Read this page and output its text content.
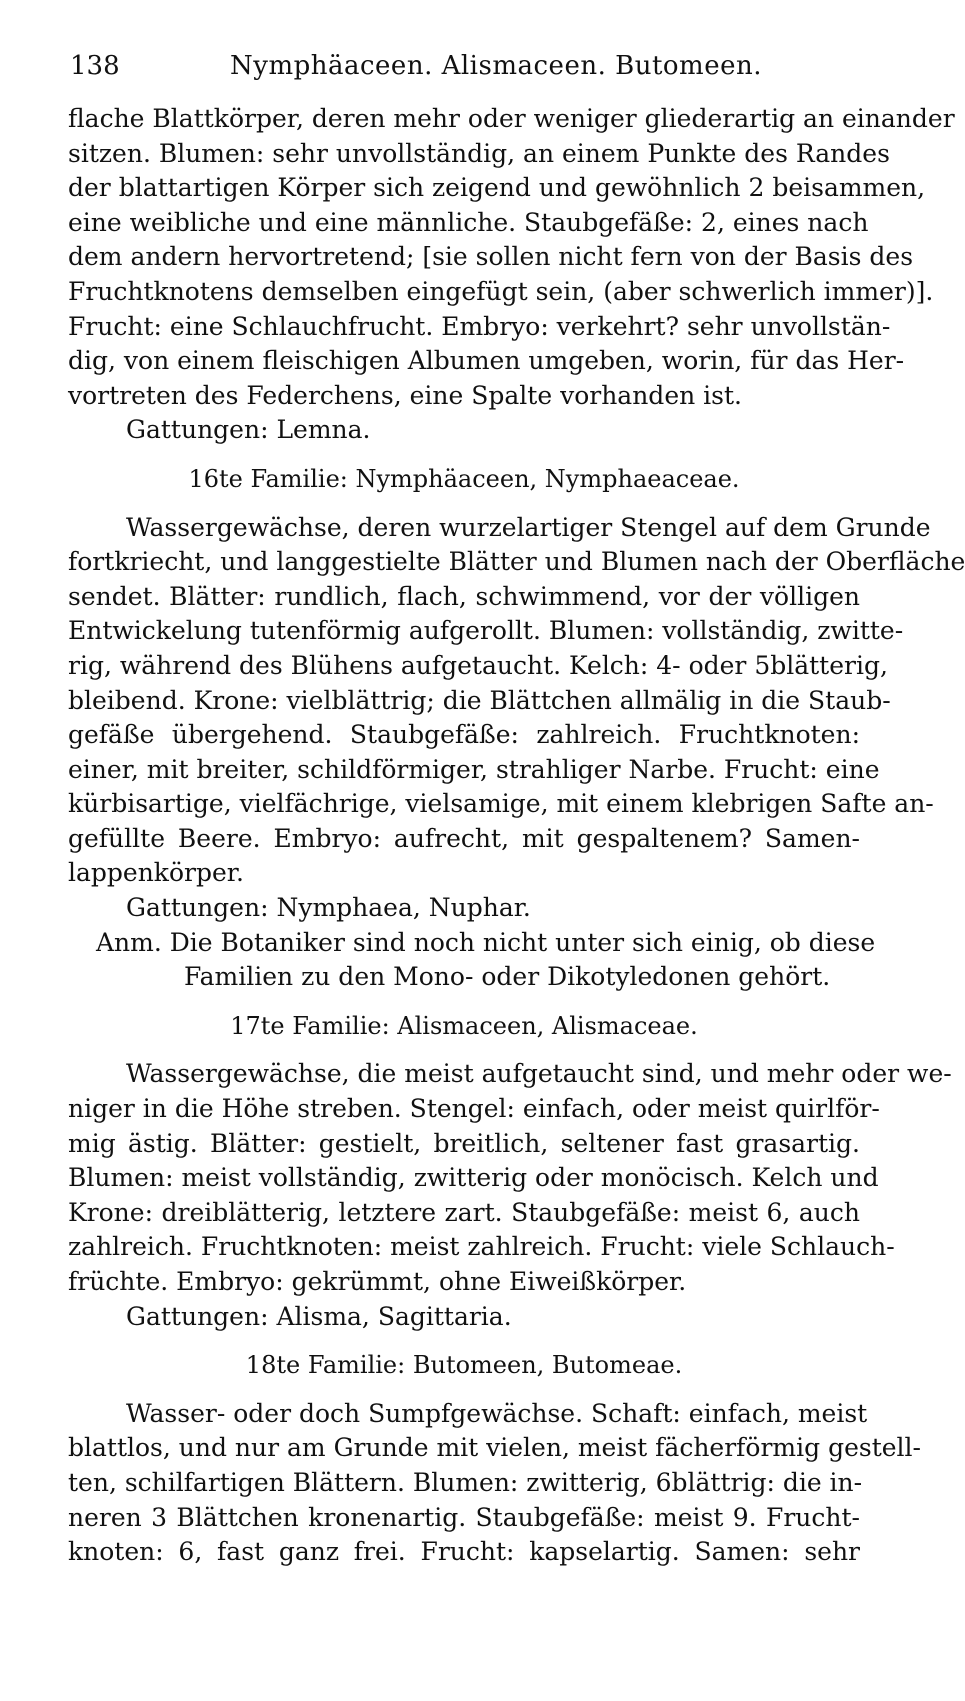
138	Nymphäaceen. Alismaceen. Butomeen.
flache Blattkörper, deren mehr oder weniger gliederartig an einander
sitzen. Blumen: sehr unvollständig, an einem Punkte des Randes
der blattartigen Körper sich zeigend und gewöhnlich 2 beisammen,
eine weibliche und eine männliche. Staubgefäße: 2, eines nach
dem andern hervortretend; [sie sollen nicht fern von der Basis des
Fruchtknotens demselben eingefügt sein, (aber schwerlich immer)].
Frucht: eine Schlauchfrucht. Embryo: verkehrt? sehr unvollstän-
dig, von einem fleischigen Albumen umgeben, worin, für das Her-
vortreten des Federchens, eine Spalte vorhanden ist.
Gattungen: Lemna.
16te Familie: Nymphäaceen, Nymphaeaceae.
Wassergewächse, deren wurzelartiger Stengel auf dem Grunde
fortkriecht, und langgestielte Blätter und Blumen nach der Oberfläche
sendet. Blätter: rundlich, flach, schwimmend, vor der völligen
Entwickelung tutenförmig aufgerollt. Blumen: vollständig, zwitte-
rig, während des Blühens aufgetaucht. Kelch: 4- oder 5blätterig,
bleibend. Krone: vielblättrig; die Blättchen allmälig in die Staub-
gefäße übergehend. Staubgefäße: zahlreich. Fruchtknoten:
einer, mit breiter, schildförmiger, strahliger Narbe. Frucht: eine
kürbisartige, vielfächrige, vielsamige, mit einem klebrigen Safte an-
gefüllte Beere. Embryo: aufrecht, mit gespaltenem? Samen-
lappenkörper.
Gattungen: Nymphaea, Nuphar.
Anm. Die Botaniker sind noch nicht unter sich einig, ob diese
Familien zu den Mono- oder Dikotyledonen gehört.
17te Familie: Alismaceen, Alismaceae.
Wassergewächse, die meist aufgetaucht sind, und mehr oder we-
niger in die Höhe streben. Stengel: einfach, oder meist quirlför-
mig ästig. Blätter: gestielt, breitlich, seltener fast grasartig.
Blumen: meist vollständig, zwitterig oder monöcisch. Kelch und
Krone: dreiblätterig, letztere zart. Staubgefäße: meist 6, auch
zahlreich. Fruchtknoten: meist zahlreich. Frucht: viele Schlauch-
früchte. Embryo: gekrümmt, ohne Eiweißkörper.
Gattungen: Alisma, Sagittaria.
18te Familie: Butomeen, Butomeae.
Wasser- oder doch Sumpfgewächse. Schaft: einfach, meist
blattlos, und nur am Grunde mit vielen, meist fächerförmig gestell-
ten, schilfartigen Blättern. Blumen: zwitterig, 6blättrig: die in-
neren 3 Blättchen kronenartig. Staubgefäße: meist 9. Frucht-
knoten: 6, fast ganz frei. Frucht: kapselartig. Samen: sehr
